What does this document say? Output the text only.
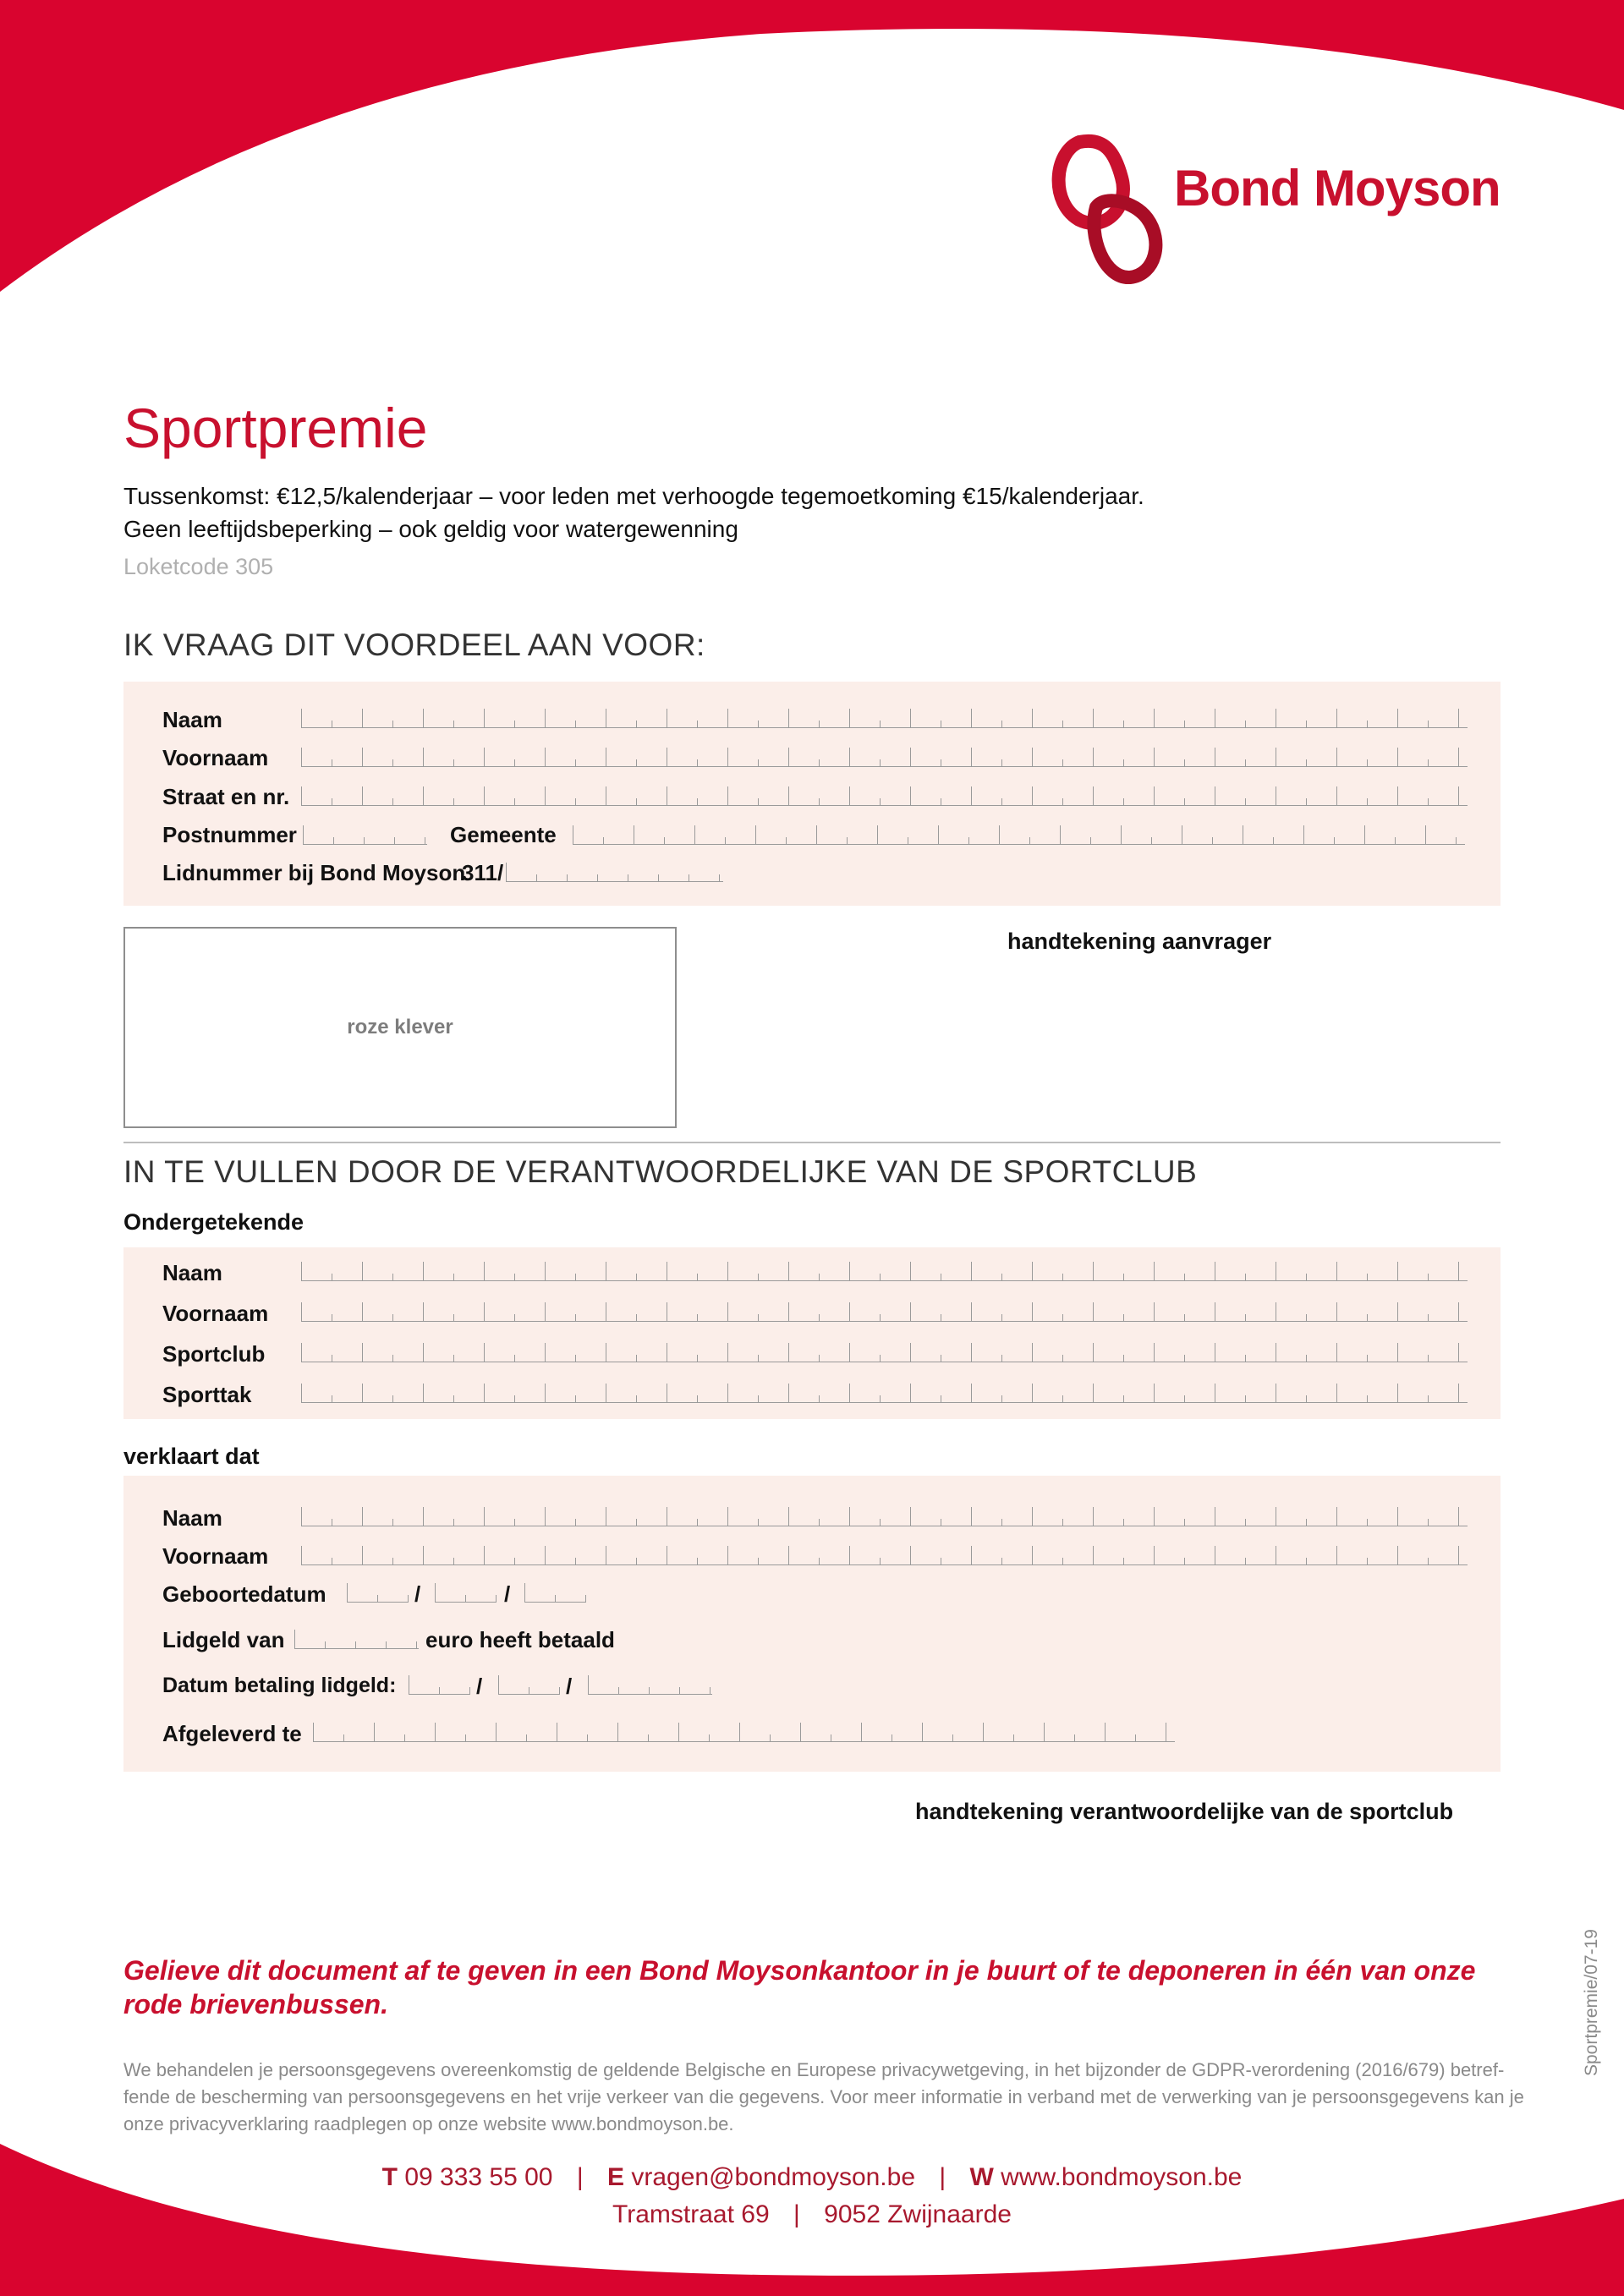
Bond Moyson
Sportpremie
Tussenkomst: €12,5/kalenderjaar – voor leden met verhoogde tegemoetkoming €15/kalenderjaar.
Geen leeftijdsbeperking – ook geldig voor watergewenning
Loketcode 305
IK VRAAG DIT VOORDEEL AAN VOOR:
Naam
Voornaam
Straat en nr.
Postnummer	Gemeente
Lidnummer bij Bond Moyson
311/
roze klever
handtekening aanvrager
IN TE VULLEN DOOR DE VERANTWOORDELIJKE VAN DE SPORTCLUB
Ondergetekende
Naam
Voornaam
Sportclub
Sporttak
verklaart dat
Naam
Voornaam
Geboortedatum	/	/
Lidgeld van	euro heeft betaald
Datum betaling lidgeld:	/	/
Afgeleverd te
handtekening verantwoordelijke van de sportclub
Sportpremie/07-19
Gelieve dit document af te geven in een Bond Moysonkantoor in je buurt of te deponeren in één van onze rode brievenbussen.
We behandelen je persoonsgegevens overeenkomstig de geldende Belgische en Europese privacywetgeving, in het bijzonder de GDPR-verordening (2016/679) betref-fende de bescherming van persoonsgegevens en het vrije verkeer van die gegevens. Voor meer informatie in verband met de verwerking van je persoonsgegevens kan je onze privacyverklaring raadplegen op onze website www.bondmoyson.be.
T 09 333 55 00 | E vragen@bondmoyson.be | W www.bondmoyson.be
Tramstraat 69 | 9052 Zwijnaarde
